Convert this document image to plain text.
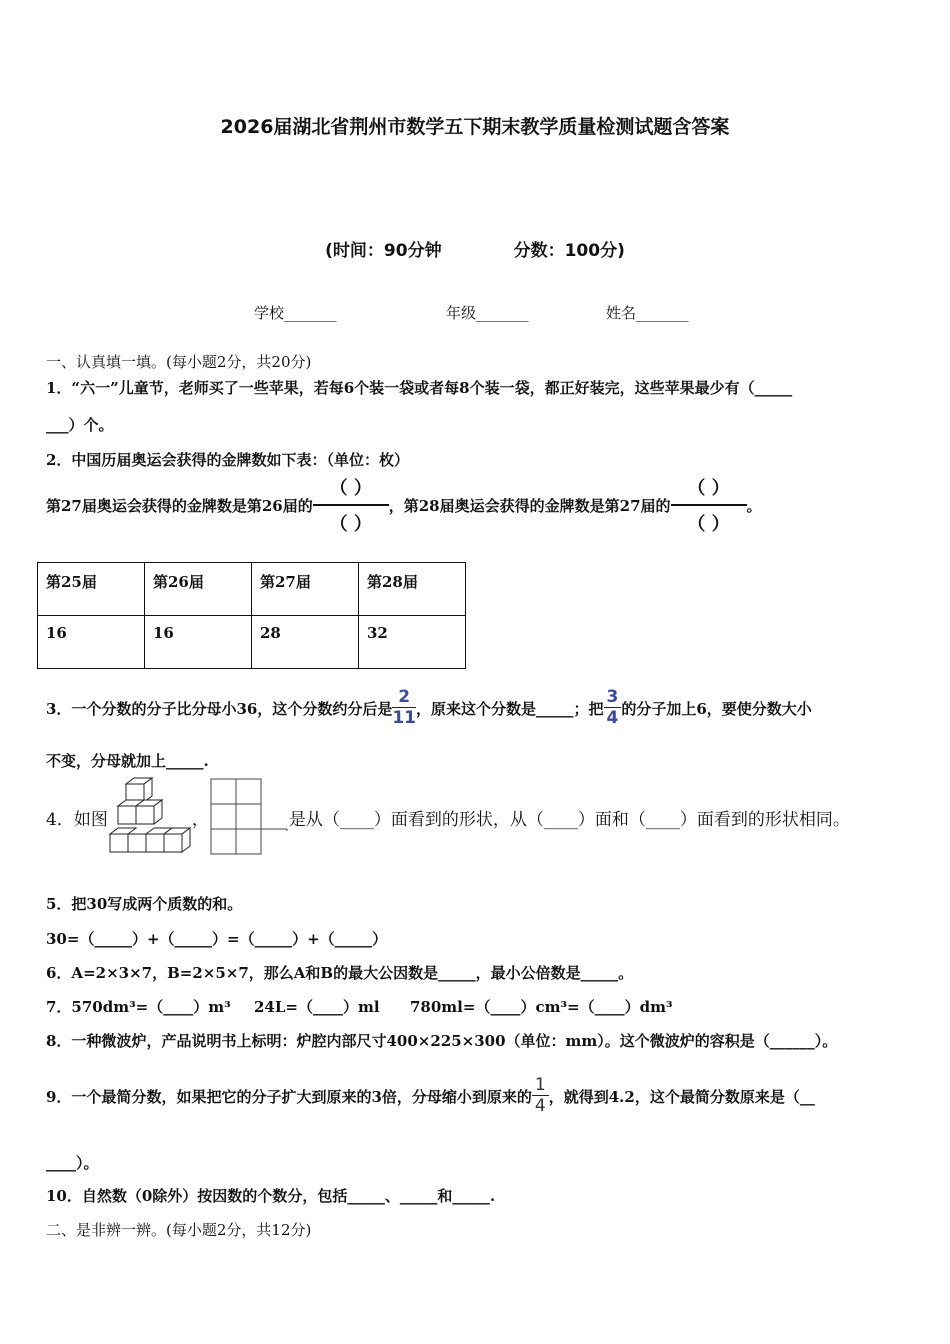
2026届湖北省荆州市数学五下期末教学质量检测试题含答案
(时间：90分钟	分数：100分)
学校_______	年级_______	姓名_______
一、认真填一填。(每小题2分，共20分)
1．“六一”儿童节，老师买了一些苹果，若每6个装一袋或者每8个装一袋，都正好装完，这些苹果最少有（_____
___）个。
2．中国历届奥运会获得的金牌数如下表：（单位：枚）
第27届奥运会获得的金牌数是第26届的
（ ）
（ ）
，第28届奥运会获得的金牌数是第27届的
（ ）
（ ）
。
第25届	第26届	第27届	第28届
16	16	28	32
3．一个分数的分子比分母小36，这个分数约分后是 $\frac{2}{11}$ ，原来这个分数是_____；把 $\frac{3}{4}$ 的分子加上6，要使分数大小
不变，分母就加上_____.
4．如图	，	是从（____）面看到的形状，从（____）面和（____）面看到的形状相同。
5．把30写成两个质数的和。
30=（_____）+（_____）=（_____）+（_____）
6．A=2×3×7，B=2×5×7，那么A和B的最大公因数是_____，最小公倍数是_____。
7．570dm³=（____）m³ 24L=（____）ml 780ml=（____）cm³=（____）dm³
8．一种微波炉，产品说明书上标明：炉腔内部尺寸400×225×300（单位：mm）。这个微波炉的容积是（______）。
9．一个最简分数，如果把它的分子扩大到原来的3倍，分母缩小到原来的 $\frac{1}{4}$ ，就得到4.2，这个最简分数原来是（__
____）。
10．自然数（0除外）按因数的个数分，包括_____、_____和_____.
二、是非辨一辨。(每小题2分，共12分)
